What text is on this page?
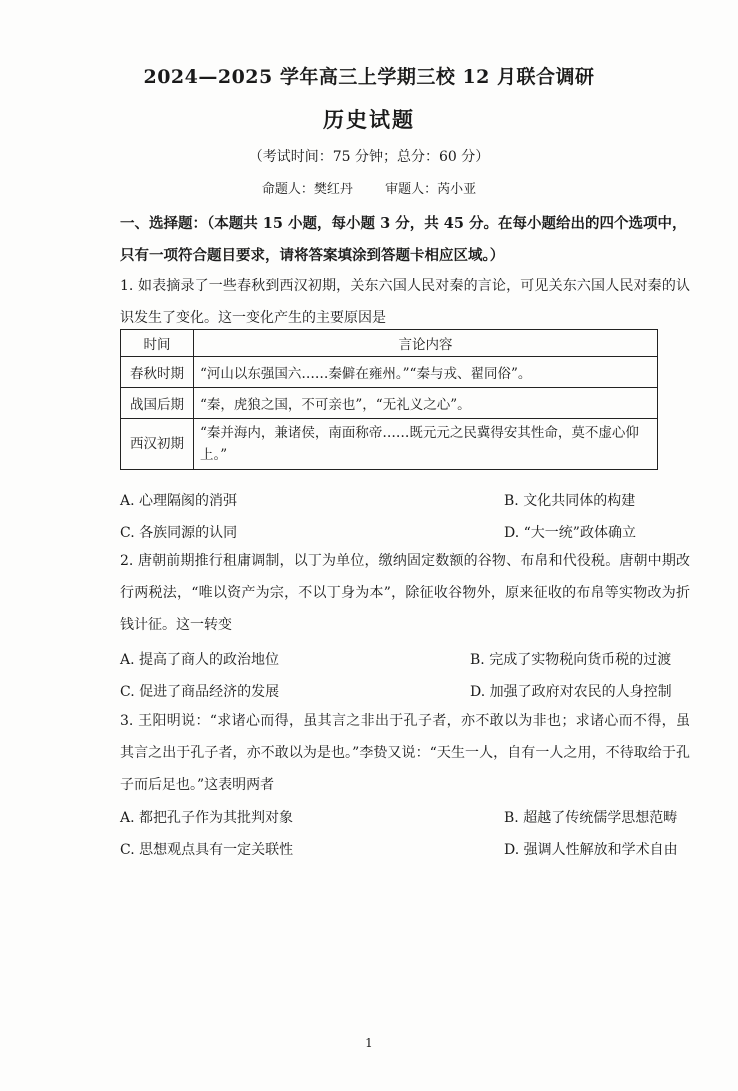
2024—2025 学年高三上学期三校 12 月联合调研
历史试题
（考试时间：75 分钟；总分：60 分）
命题人：樊红丹 审题人：芮小亚
一、选择题：（本题共 15 小题，每小题 3 分，共 45 分。在每小题给出的四个选项中，只有一项符合题目要求，请将答案填涂到答题卡相应区域。）
1. 如表摘录了一些春秋到西汉初期，关东六国人民对秦的言论，可见关东六国人民对秦的认识发生了变化。这一变化产生的主要原因是
时间	言论内容
春秋时期	“河山以东强国六……秦僻在雍州。”“秦与戎、翟同俗”。
战国后期	“秦，虎狼之国，不可亲也”，“无礼义之心”。
西汉初期	“秦并海内，兼诸侯，南面称帝……既元元之民冀得安其性命，莫不虚心仰上。”
A. 心理隔阂的消弭	B. 文化共同体的构建
C. 各族同源的认同	D. “大一统”政体确立
2. 唐朝前期推行租庸调制，以丁为单位，缴纳固定数额的谷物、布帛和代役税。唐朝中期改行两税法，“唯以资产为宗，不以丁身为本”，除征收谷物外，原来征收的布帛等实物改为折钱计征。这一转变
A. 提高了商人的政治地位	B. 完成了实物税向货币税的过渡
C. 促进了商品经济的发展	D. 加强了政府对农民的人身控制
3. 王阳明说：“求诸心而得，虽其言之非出于孔子者，亦不敢以为非也；求诸心而不得，虽其言之出于孔子者，亦不敢以为是也。”李贽又说：“天生一人，自有一人之用，不待取给于孔子而后足也。”这表明两者
A. 都把孔子作为其批判对象	B. 超越了传统儒学思想范畴
C. 思想观点具有一定关联性	D. 强调人性解放和学术自由
1
